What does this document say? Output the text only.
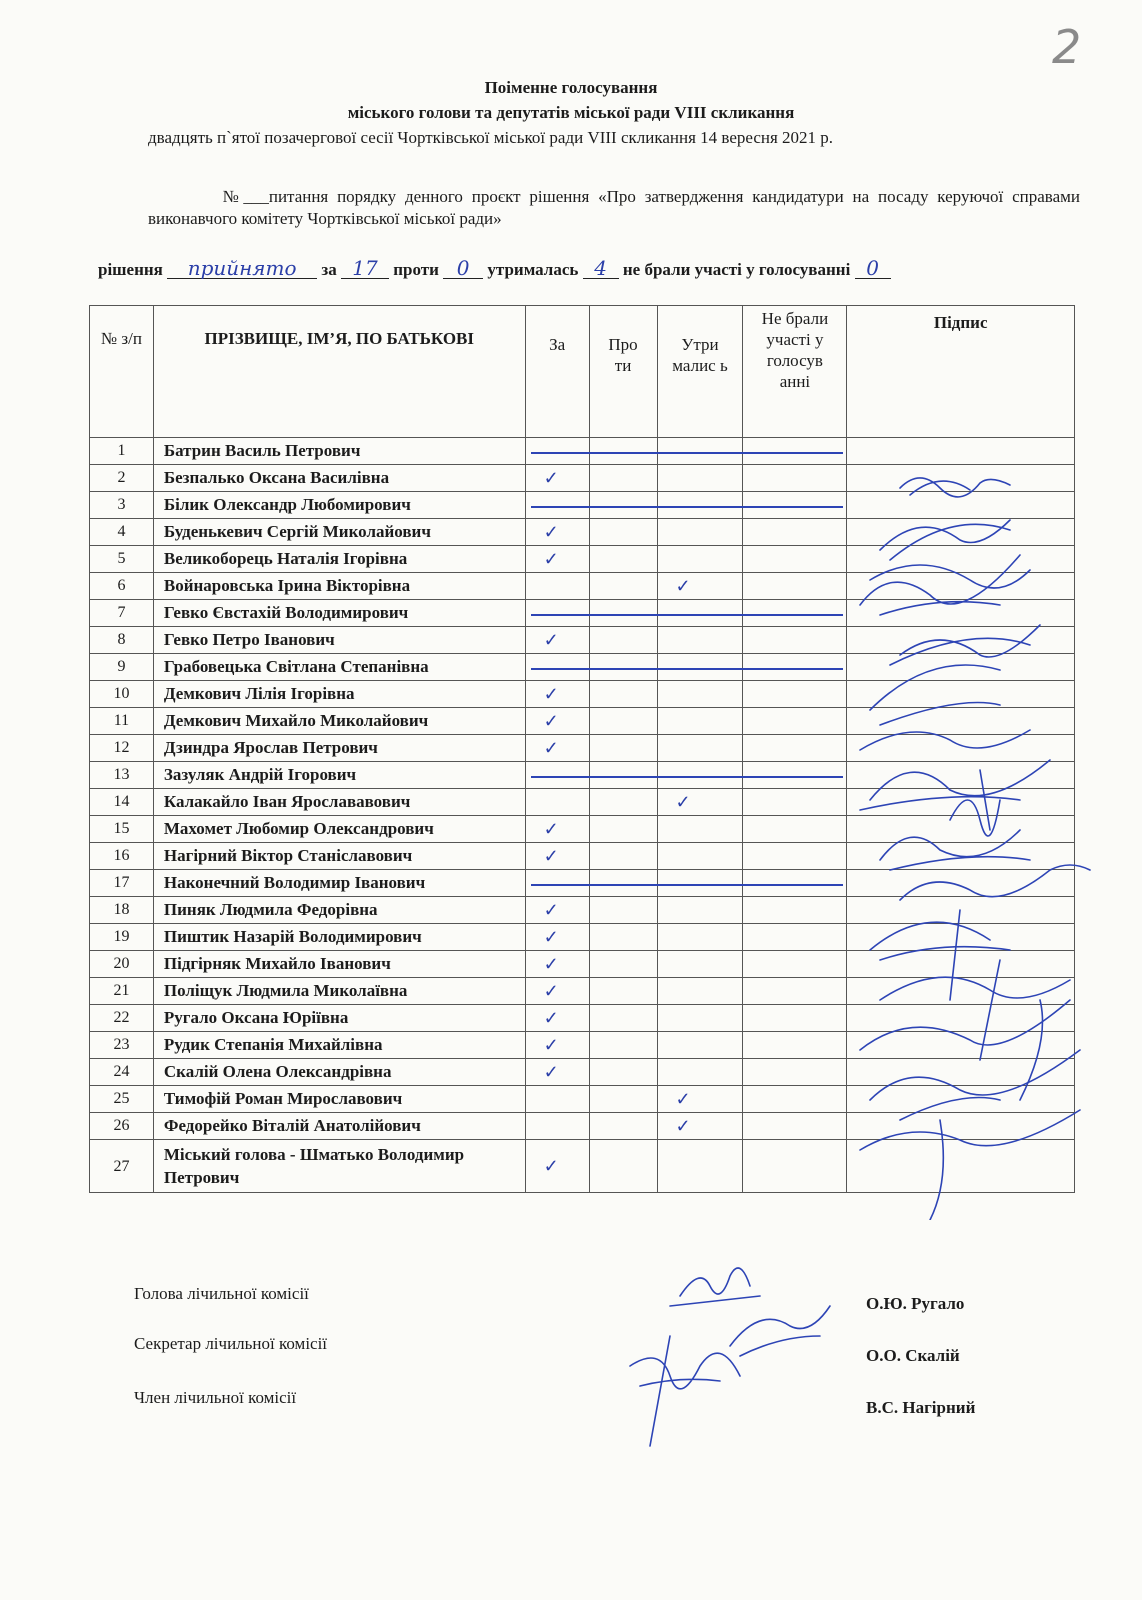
2
Поіменне голосування
міського голови та депутатів міської ради VIII скликання
двадцять п`ятої позачергової сесії Чортківської міської ради VIII скликання 14 вересня 2021 р.
№___питання порядку денного проєкт рішення «Про затвердження кандидатури на посаду керуючої справами виконавчого комітету Чортківської міської ради»
рішення прийнято за 17 проти 0 утрималась 4 не брали участі у голосуванні 0
№ з/п	ПРІЗВИЩЕ, ІМ’Я, ПО БАТЬКОВІ	За	Про ти	Утри малис ь	Не брали участі у голосув анні	Підпис
1	Батрин Василь Петрович					
2	Безпалько Оксана Василівна	✓				
3	Білик Олександр Любомирович					
4	Буденькевич Сергій Миколайович	✓				
5	Великоборець Наталія Ігорівна	✓				
6	Войнаровська Ірина Вікторівна			✓		
7	Гевко Євстахій Володимирович					
8	Гевко Петро Іванович	✓				
9	Грабовецька Світлана Степанівна					
10	Демкович Лілія Ігорівна	✓				
11	Демкович Михайло Миколайович	✓				
12	Дзиндра Ярослав Петрович	✓				
13	Зазуляк Андрій Ігорович					
14	Калакайло Іван Ярослававович			✓		
15	Махомет Любомир Олександрович	✓				
16	Нагірний Віктор Станіславович	✓				
17	Наконечний Володимир Іванович					
18	Пиняк Людмила Федорівна	✓				
19	Пиштик Назарій Володимирович	✓				
20	Підгірняк Михайло Іванович	✓				
21	Поліщук Людмила Миколаївна	✓				
22	Ругало Оксана Юріївна	✓				
23	Рудик Степанія Михайлівна	✓				
24	Скалій Олена Олександрівна	✓				
25	Тимофій Роман Мирославович			✓		
26	Федорейко Віталій Анатолійович			✓		
27	Міський голова - Шматько Володимир Петрович	✓				
Голова лічильної комісії
О.Ю. Ругало
Секретар лічильної комісії
О.О. Скалій
Член лічильної комісії
В.С. Нагірний
